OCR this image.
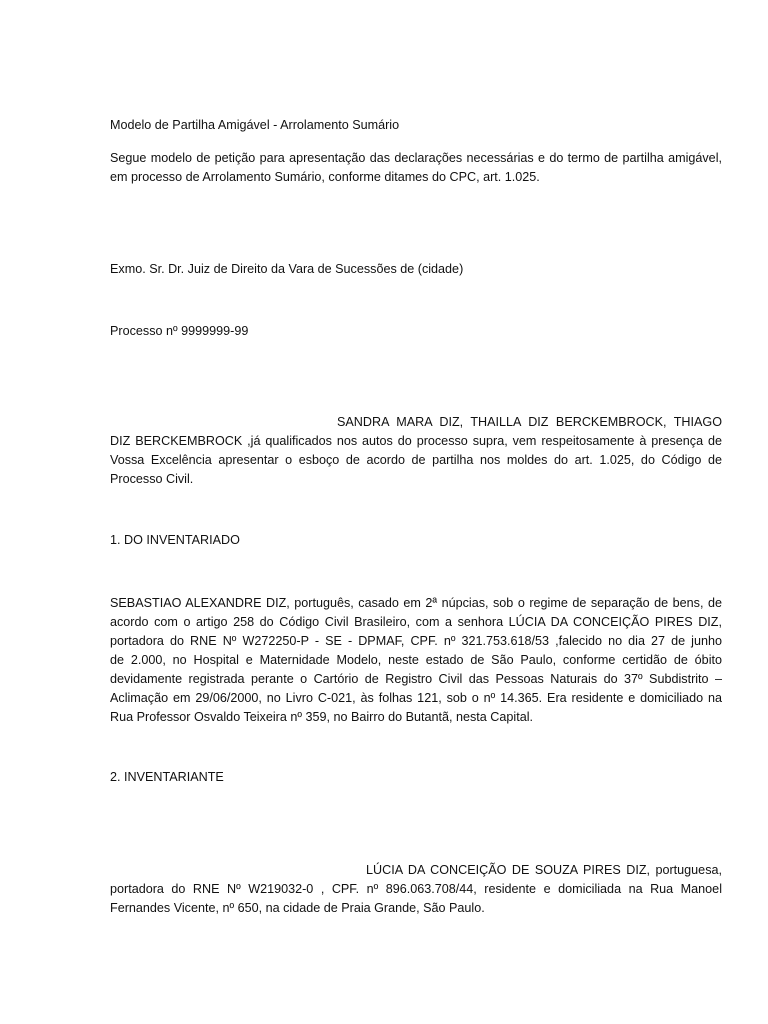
Modelo de Partilha Amigável - Arrolamento Sumário
Segue modelo de petição para apresentação das declarações necessárias e do termo de partilha amigável,
em processo de Arrolamento Sumário, conforme ditames do CPC, art. 1.025.
Exmo. Sr. Dr. Juiz de Direito da Vara de Sucessões de (cidade)
Processo nº 9999999-99
SANDRA MARA DIZ, THAILLA DIZ BERCKEMBROCK, THIAGO
DIZ BERCKEMBROCK ,já qualificados nos autos do processo supra, vem respeitosamente à presença de
Vossa Excelência apresentar o esboço de acordo de partilha nos moldes do art. 1.025, do Código de
Processo Civil.
1. DO INVENTARIADO
SEBASTIAO ALEXANDRE DIZ, português, casado em 2ª núpcias, sob o regime de separação de bens, de
acordo com o artigo 258 do Código Civil Brasileiro, com a senhora LÚCIA DA CONCEIÇÃO PIRES DIZ,
portadora do RNE Nº W272250-P - SE - DPMAF, CPF. nº 321.753.618/53 ,falecido no dia 27 de junho
de 2.000, no Hospital e Maternidade Modelo, neste estado de São Paulo, conforme certidão de óbito
devidamente registrada perante o Cartório de Registro Civil das Pessoas Naturais do 37º Subdistrito –
Aclimação em 29/06/2000, no Livro C-021, às folhas 121, sob o nº 14.365. Era residente e domiciliado na
Rua Professor Osvaldo Teixeira nº 359, no Bairro do Butantã, nesta Capital.
2. INVENTARIANTE
LÚCIA DA CONCEIÇÃO DE SOUZA PIRES DIZ, portuguesa,
portadora do RNE Nº W219032-0 , CPF. nº 896.063.708/44, residente e domiciliada na Rua Manoel
Fernandes Vicente, nº 650, na cidade de Praia Grande, São Paulo.
